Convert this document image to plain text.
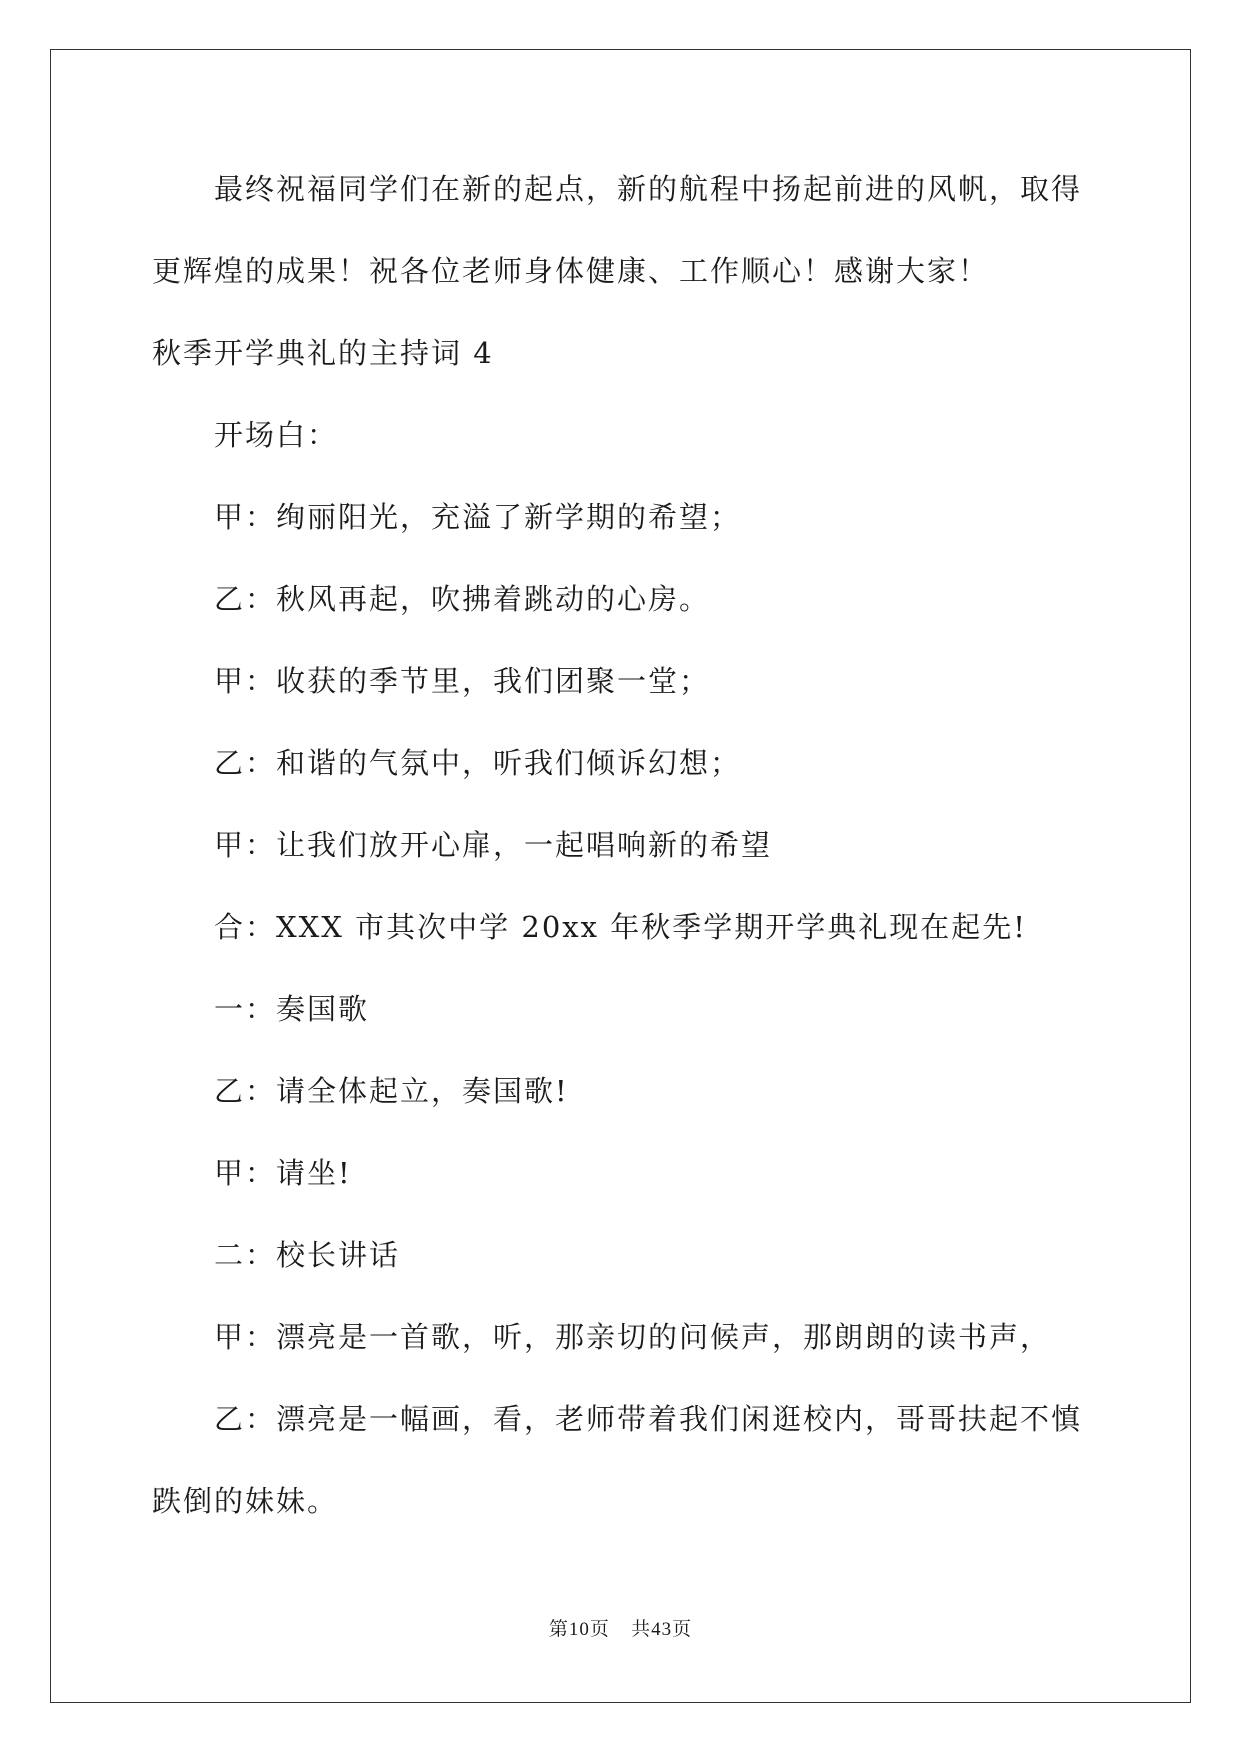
最终祝福同学们在新的起点，新的航程中扬起前进的风帆，取得更辉煌的成果！祝各位老师身体健康、工作顺心！感谢大家！
秋季开学典礼的主持词 4
开场白：
甲：绚丽阳光，充溢了新学期的希望；
乙：秋风再起，吹拂着跳动的心房。
甲：收获的季节里，我们团聚一堂；
乙：和谐的气氛中，听我们倾诉幻想；
甲：让我们放开心扉，一起唱响新的希望
合：XXX 市其次中学 20xx 年秋季学期开学典礼现在起先!
一：奏国歌
乙：请全体起立，奏国歌!
甲：请坐!
二：校长讲话
甲：漂亮是一首歌，听，那亲切的问候声，那朗朗的读书声，
乙：漂亮是一幅画，看，老师带着我们闲逛校内，哥哥扶起不慎跌倒的妹妹。
第10页 共43页
